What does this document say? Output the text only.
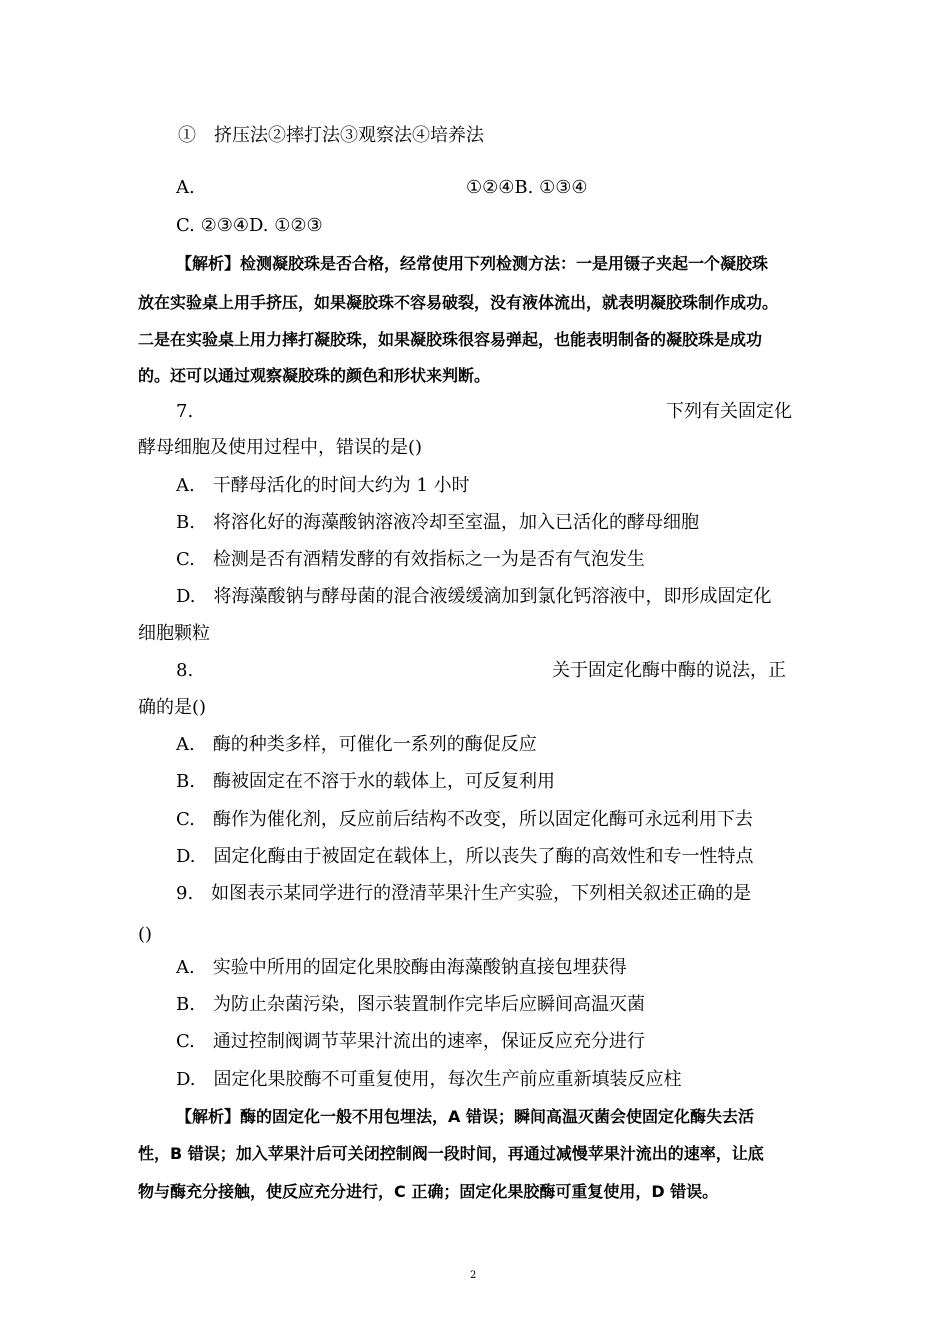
①　挤压法②摔打法③观察法④培养法
A.	①②④B. ①③④
C. ②③④D. ①②③
【解析】检测凝胶珠是否合格，经常使用下列检测方法：一是用镊子夹起一个凝胶珠
放在实验桌上用手挤压，如果凝胶珠不容易破裂，没有液体流出，就表明凝胶珠制作成功。
二是在实验桌上用力摔打凝胶珠，如果凝胶珠很容易弹起，也能表明制备的凝胶珠是成功
的。还可以通过观察凝胶珠的颜色和形状来判断。
7.	下列有关固定化
酵母细胞及使用过程中，错误的是()
A.　干酵母活化的时间大约为 1 小时
B.　将溶化好的海藻酸钠溶液冷却至室温，加入已活化的酵母细胞
C.　检测是否有酒精发酵的有效指标之一为是否有气泡发生
D.　将海藻酸钠与酵母菌的混合液缓缓滴加到氯化钙溶液中，即形成固定化
细胞颗粒
8.	关于固定化酶中酶的说法，正
确的是()
A.　酶的种类多样，可催化一系列的酶促反应
B.　酶被固定在不溶于水的载体上，可反复利用
C.　酶作为催化剂，反应前后结构不改变，所以固定化酶可永远利用下去
D.　固定化酶由于被固定在载体上，所以丧失了酶的高效性和专一性特点
9.　如图表示某同学进行的澄清苹果汁生产实验，下列相关叙述正确的是
()
A.　实验中所用的固定化果胶酶由海藻酸钠直接包埋获得
B.　为防止杂菌污染，图示装置制作完毕后应瞬间高温灭菌
C.　通过控制阀调节苹果汁流出的速率，保证反应充分进行
D.　固定化果胶酶不可重复使用，每次生产前应重新填装反应柱
【解析】酶的固定化一般不用包埋法，A 错误；瞬间高温灭菌会使固定化酶失去活
性，B 错误；加入苹果汁后可关闭控制阀一段时间，再通过减慢苹果汁流出的速率，让底
物与酶充分接触，使反应充分进行，C 正确；固定化果胶酶可重复使用，D 错误。
2
